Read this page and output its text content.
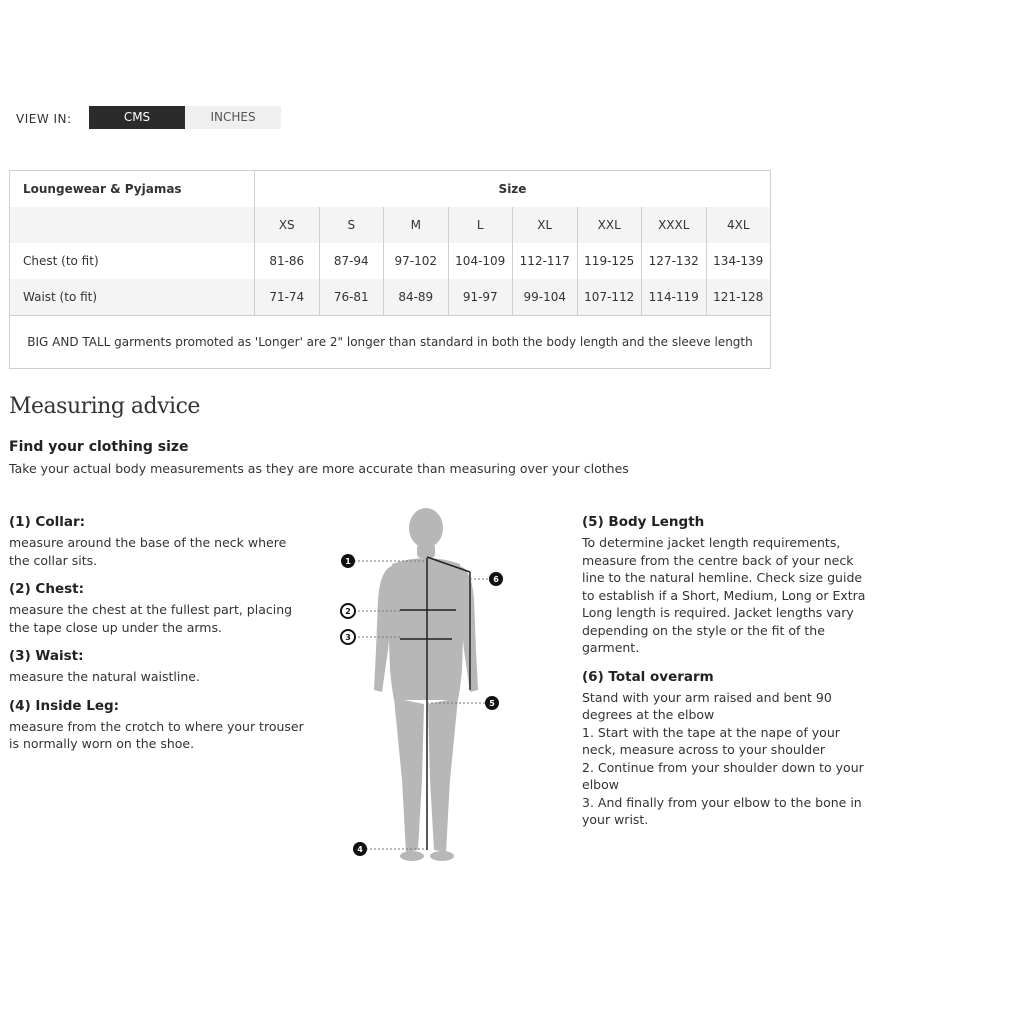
VIEW IN:	CMS	INCHES
Loungewear & Pyjamas	Size							
	XS	S	M	L	XL	XXL	XXXL	4XL
Chest (to fit)	81-86	87-94	97-102	104-109	112-117	119-125	127-132	134-139
Waist (to fit)	71-74	76-81	84-89	91-97	99-104	107-112	114-119	121-128
BIG AND TALL garments promoted as 'Longer' are 2" longer than standard in both the body length and the sleeve length								
Measuring advice
Find your clothing size
Take your actual body measurements as they are more accurate than measuring over your clothes
(1) Collar:

measure around the base of the neck where the collar sits.

(2) Chest:

measure the chest at the fullest part, placing the tape close up under the arms.

(3) Waist:

measure the natural waistline.

(4) Inside Leg:

measure from the crotch to where your trouser is normally worn on the shoe.

(5) Body Length

To determine jacket length requirements, measure from the centre back of your neck line to the natural hemline. Check size guide to establish if a Short, Medium, Long or Extra Long length is required. Jacket lengths vary depending on the style or the fit of the garment.

(6) Total overarm

Stand with your arm raised and bent 90 degrees at the elbow
1. Start with the tape at the nape of your neck, measure across to your shoulder
2. Continue from your shoulder down to your elbow
3. And finally from your elbow to the bone in your wrist.

1
2
3
4
5
6
